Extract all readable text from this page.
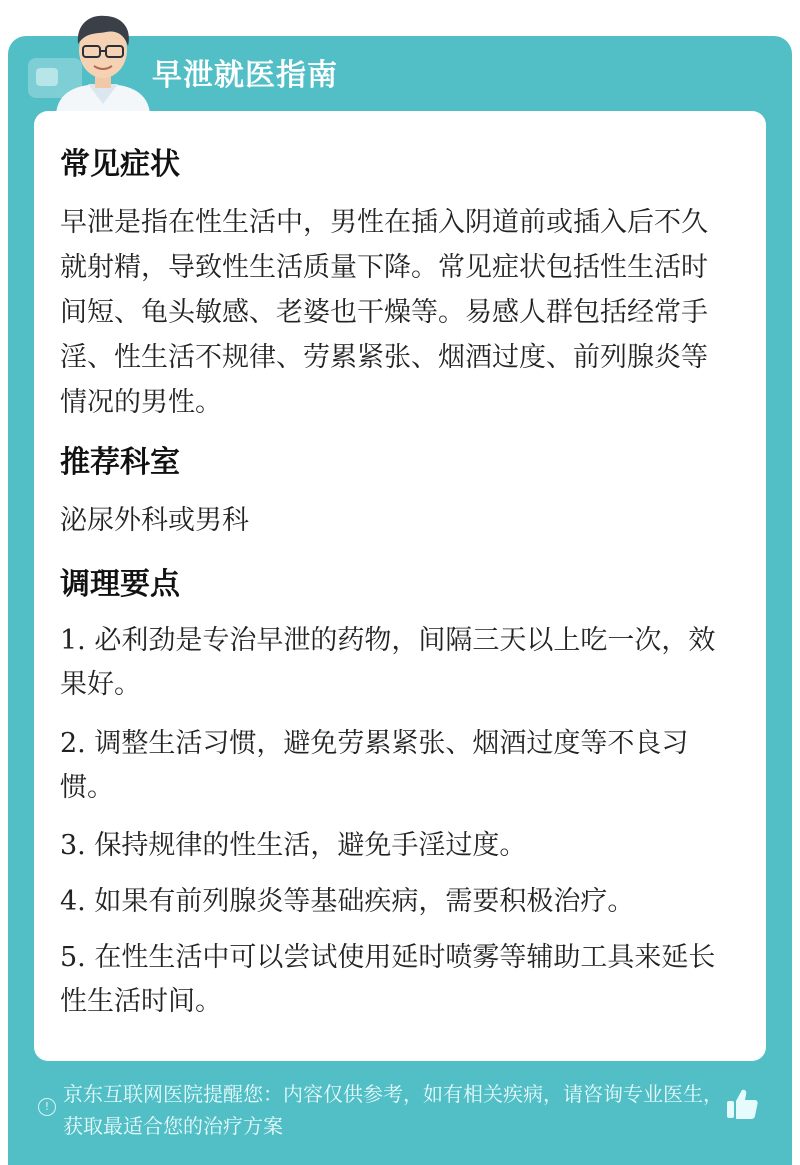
早泄就医指南
常见症状
早泄是指在性生活中，男性在插入阴道前或插入后不久就射精，导致性生活质量下降。常见症状包括性生活时间短、龟头敏感、老婆也干燥等。易感人群包括经常手淫、性生活不规律、劳累紧张、烟酒过度、前列腺炎等情况的男性。
推荐科室
泌尿外科或男科
调理要点
1. 必利劲是专治早泄的药物，间隔三天以上吃一次，效果好。
2. 调整生活习惯，避免劳累紧张、烟酒过度等不良习惯。
3. 保持规律的性生活，避免手淫过度。
4. 如果有前列腺炎等基础疾病，需要积极治疗。
5. 在性生活中可以尝试使用延时喷雾等辅助工具来延长性生活时间。
!
京东互联网医院提醒您：内容仅供参考，如有相关疾病，请咨询专业医生，获取最适合您的治疗方案
